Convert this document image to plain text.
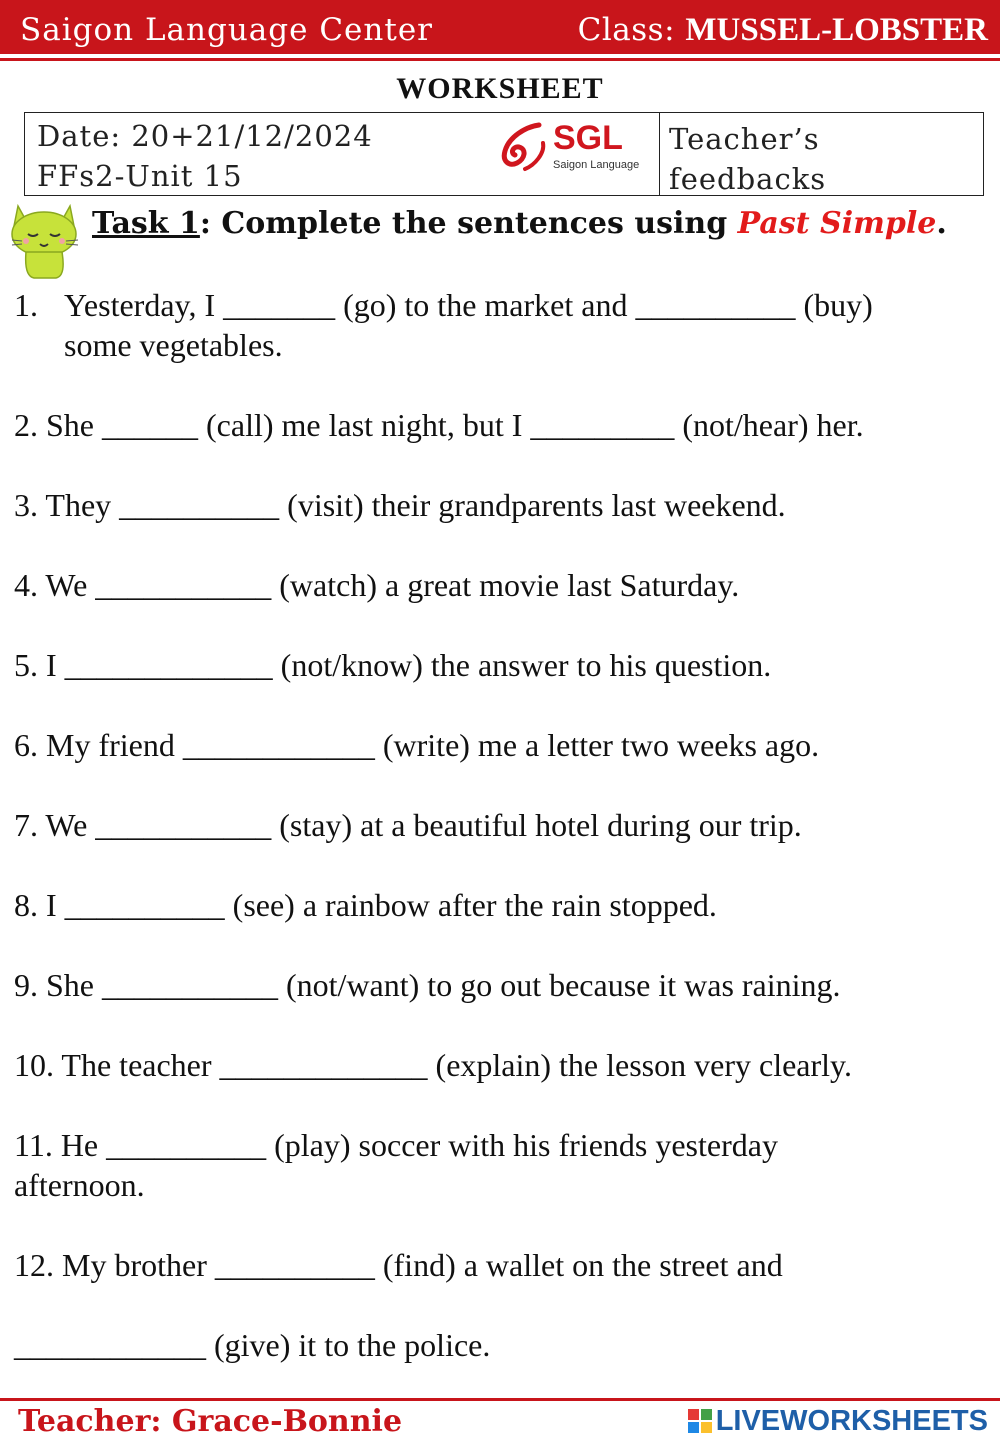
Saigon Language Center	Class: MUSSEL-LOBSTER
WORKSHEET
Date: 20+21/12/2024
FFs2-Unit 15
SGL
Saigon Language
Teacher’s
feedbacks
Task 1: Complete the sentences using Past Simple.
1. Yesterday, I _______ (go) to the market and __________ (buy)
some vegetables.
2. She ______ (call) me last night, but I _________ (not/hear) her.
3. They __________ (visit) their grandparents last weekend.
4. We ___________ (watch) a great movie last Saturday.
5. I _____________ (not/know) the answer to his question.
6. My friend ____________ (write) me a letter two weeks ago.
7. We ___________ (stay) at a beautiful hotel during our trip.
8. I __________ (see) a rainbow after the rain stopped.
9. She ___________ (not/want) to go out because it was raining.
10. The teacher _____________ (explain) the lesson very clearly.
11. He __________ (play) soccer with his friends yesterday
afternoon.
12. My brother __________ (find) a wallet on the street and
____________ (give) it to the police.
Teacher: Grace-Bonnie	LIVEWORKSHEETS
